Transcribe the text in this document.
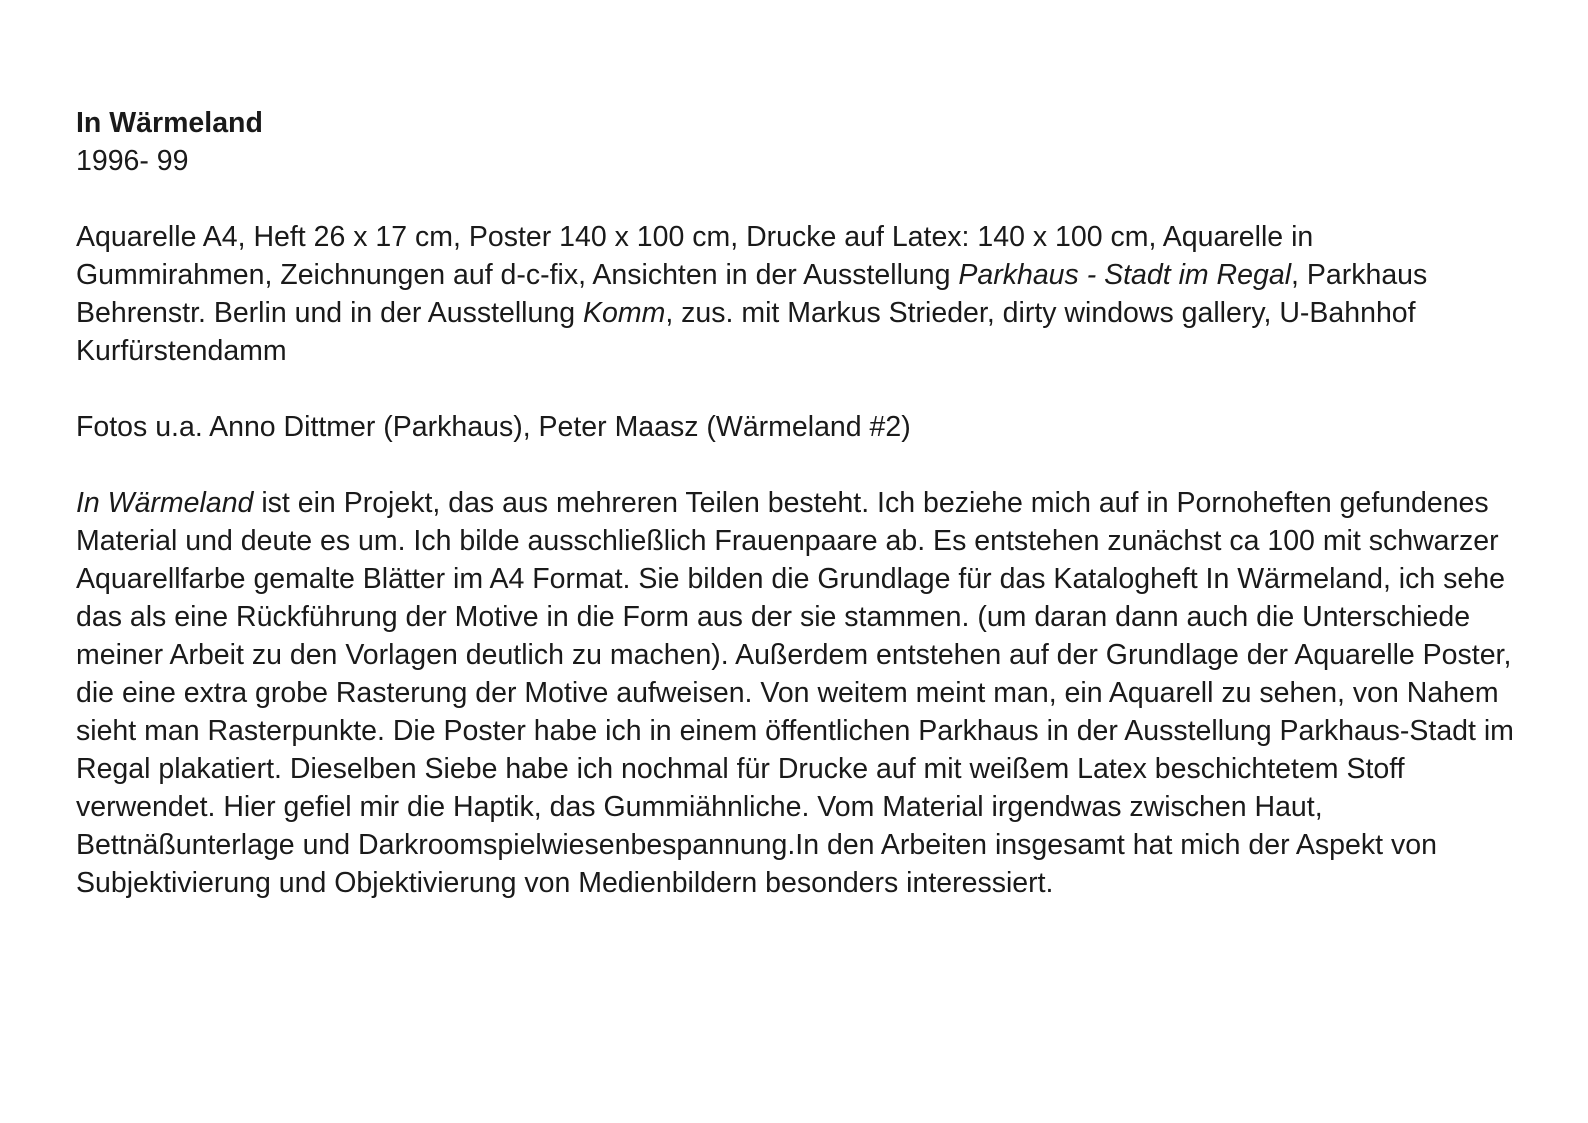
In Wärmeland

1996- 99

Aquarelle A4, Heft 26 x 17 cm, Poster 140 x 100 cm, Drucke auf Latex: 140 x 100 cm, Aquarelle in Gummirahmen, Zeichnungen auf d-c-fix, Ansichten in der Ausstellung Parkhaus - Stadt im Regal, Parkhaus Behrenstr. Berlin und in der Ausstellung Komm, zus. mit Markus Strieder, dirty windows gallery, U-Bahnhof Kurfürstendamm

Fotos u.a. Anno Dittmer (Parkhaus), Peter Maasz (Wärmeland #2)

In Wärmeland ist ein Projekt, das aus mehreren Teilen besteht. Ich beziehe mich auf in Pornoheften gefundenes Material und deute es um. Ich bilde ausschließlich Frauenpaare ab. Es entstehen zunächst ca 100 mit schwarzer Aquarellfarbe gemalte Blätter im A4 Format. Sie bilden die Grundlage für das Katalogheft In Wärmeland, ich sehe das als eine Rückführung der Motive in die Form aus der sie stammen. (um daran dann auch die Unterschiede meiner Arbeit zu den Vorlagen deutlich zu machen). Außerdem entstehen auf der Grundlage der Aquarelle Poster, die eine extra grobe Rasterung der Motive aufweisen. Von weitem meint man, ein Aquarell zu sehen, von Nahem sieht man Rasterpunkte. Die Poster habe ich in einem öffentlichen Parkhaus in der Ausstellung Parkhaus-Stadt im Regal plakatiert. Dieselben Siebe habe ich nochmal für Drucke auf mit weißem Latex beschichtetem Stoff verwendet. Hier gefiel mir die Haptik, das Gummiähnliche. Vom Material irgendwas zwischen Haut, Bettnäßunterlage und Darkroomspielwiesenbespannung.In den Arbeiten insgesamt hat mich der Aspekt von Subjektivierung und Objektivierung von Medienbildern besonders interessiert.
